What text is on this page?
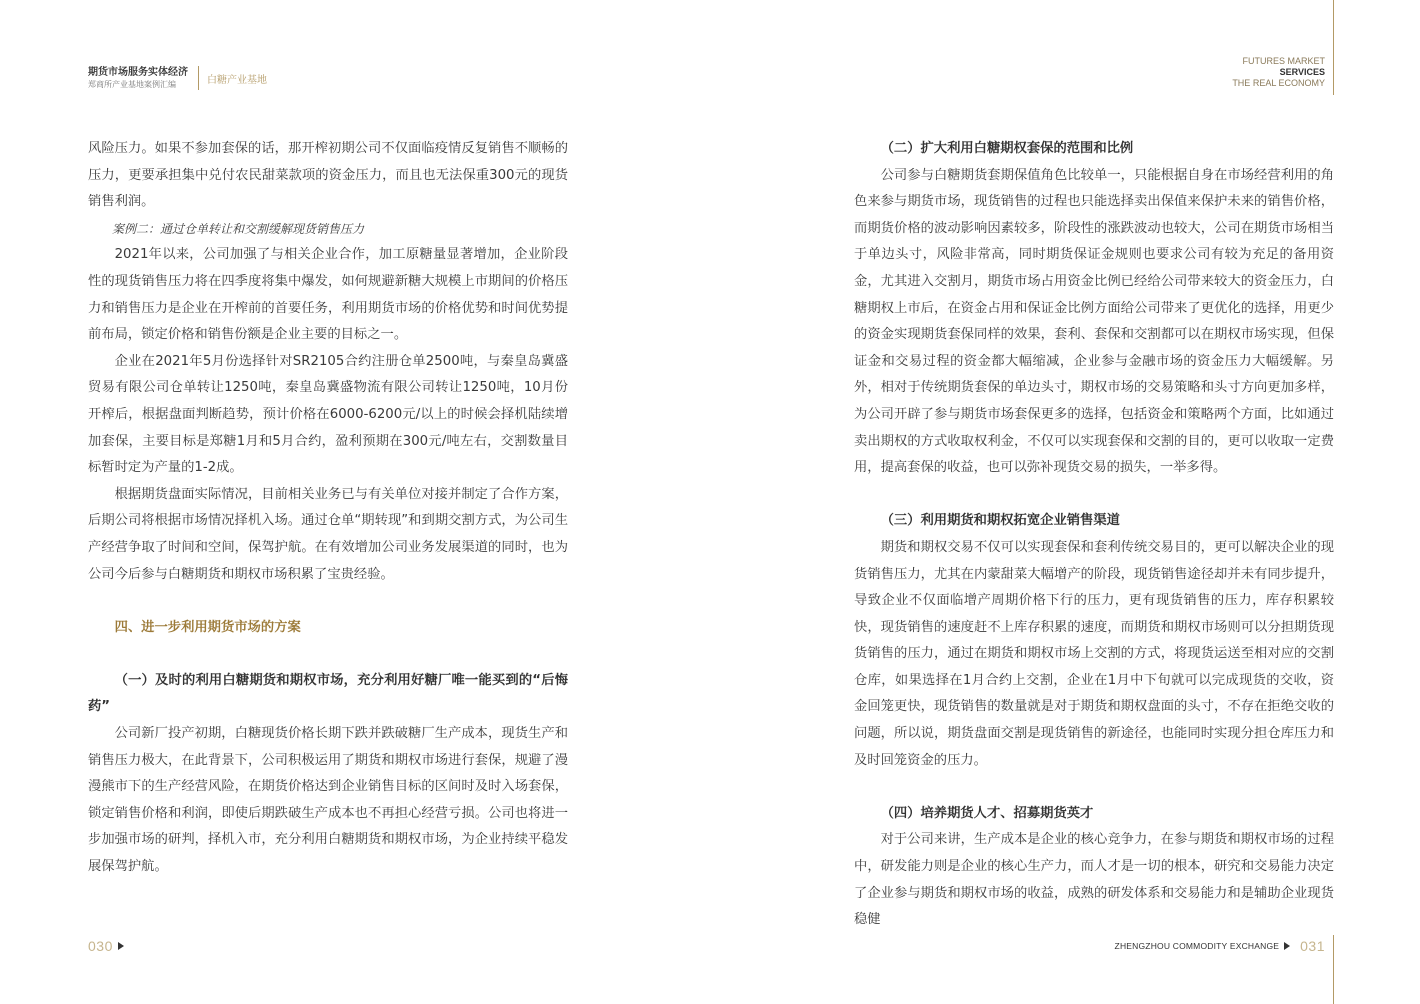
期货市场服务实体经济
郑商所产业基地案例汇编	白糖产业基地

风险压力。如果不参加套保的话，那开榨初期公司不仅面临疫情反复销售不顺畅的压力，更要承担集中兑付农民甜菜款项的资金压力，而且也无法保重300元的现货销售利润。

案例二：通过仓单转让和交割缓解现货销售压力

2021年以来，公司加强了与相关企业合作，加工原糖量显著增加，企业阶段性的现货销售压力将在四季度将集中爆发，如何规避新糖大规模上市期间的价格压力和销售压力是企业在开榨前的首要任务，利用期货市场的价格优势和时间优势提前布局，锁定价格和销售份额是企业主要的目标之一。

企业在2021年5月份选择针对SR2105合约注册仓单2500吨，与秦皇岛冀盛贸易有限公司仓单转让1250吨，秦皇岛冀盛物流有限公司转让1250吨，10月份开榨后，根据盘面判断趋势，预计价格在6000-6200元/以上的时候会择机陆续增加套保，主要目标是郑糖1月和5月合约，盈利预期在300元/吨左右，交割数量目标暂时定为产量的1-2成。

根据期货盘面实际情况，目前相关业务已与有关单位对接并制定了合作方案，后期公司将根据市场情况择机入场。通过仓单“期转现”和到期交割方式，为公司生产经营争取了时间和空间，保驾护航。在有效增加公司业务发展渠道的同时，也为公司今后参与白糖期货和期权市场积累了宝贵经验。

四、进一步利用期货市场的方案

（一）及时的利用白糖期货和期权市场，充分利用好糖厂唯一能买到的“后悔药”

公司新厂投产初期，白糖现货价格长期下跌并跌破糖厂生产成本，现货生产和销售压力极大，在此背景下，公司积极运用了期货和期权市场进行套保，规避了漫漫熊市下的生产经营风险，在期货价格达到企业销售目标的区间时及时入场套保，锁定销售价格和利润，即使后期跌破生产成本也不再担心经营亏损。公司也将进一步加强市场的研判，择机入市，充分利用白糖期货和期权市场，为企业持续平稳发展保驾护航。

030
FUTURES MARKET
SERVICES
THE REAL ECONOMY

（二）扩大利用白糖期权套保的范围和比例

公司参与白糖期货套期保值角色比较单一，只能根据自身在市场经营利用的角色来参与期货市场，现货销售的过程也只能选择卖出保值来保护未来的销售价格，而期货价格的波动影响因素较多，阶段性的涨跌波动也较大，公司在期货市场相当于单边头寸，风险非常高，同时期货保证金规则也要求公司有较为充足的备用资金，尤其进入交割月，期货市场占用资金比例已经给公司带来较大的资金压力，白糖期权上市后，在资金占用和保证金比例方面给公司带来了更优化的选择，用更少的资金实现期货套保同样的效果，套利、套保和交割都可以在期权市场实现，但保证金和交易过程的资金都大幅缩减，企业参与金融市场的资金压力大幅缓解。另外，相对于传统期货套保的单边头寸，期权市场的交易策略和头寸方向更加多样，为公司开辟了参与期货市场套保更多的选择，包括资金和策略两个方面，比如通过卖出期权的方式收取权利金，不仅可以实现套保和交割的目的，更可以收取一定费用，提高套保的收益，也可以弥补现货交易的损失，一举多得。

（三）利用期货和期权拓宽企业销售渠道

期货和期权交易不仅可以实现套保和套利传统交易目的，更可以解决企业的现货销售压力，尤其在内蒙甜菜大幅增产的阶段，现货销售途径却并未有同步提升，导致企业不仅面临增产周期价格下行的压力，更有现货销售的压力，库存积累较快，现货销售的速度赶不上库存积累的速度，而期货和期权市场则可以分担期货现货销售的压力，通过在期货和期权市场上交割的方式，将现货运送至相对应的交割仓库，如果选择在1月合约上交割，企业在1月中下旬就可以完成现货的交收，资金回笼更快，现货销售的数量就是对于期货和期权盘面的头寸，不存在拒绝交收的问题，所以说，期货盘面交割是现货销售的新途径，也能同时实现分担仓库压力和及时回笼资金的压力。

（四）培养期货人才、招募期货英才

对于公司来讲，生产成本是企业的核心竞争力，在参与期货和期权市场的过程中，研发能力则是企业的核心生产力，而人才是一切的根本，研究和交易能力决定了企业参与期货和期权市场的收益，成熟的研发体系和交易能力和是辅助企业现货稳健

ZHENGZHOU COMMODITY EXCHANGE 031
